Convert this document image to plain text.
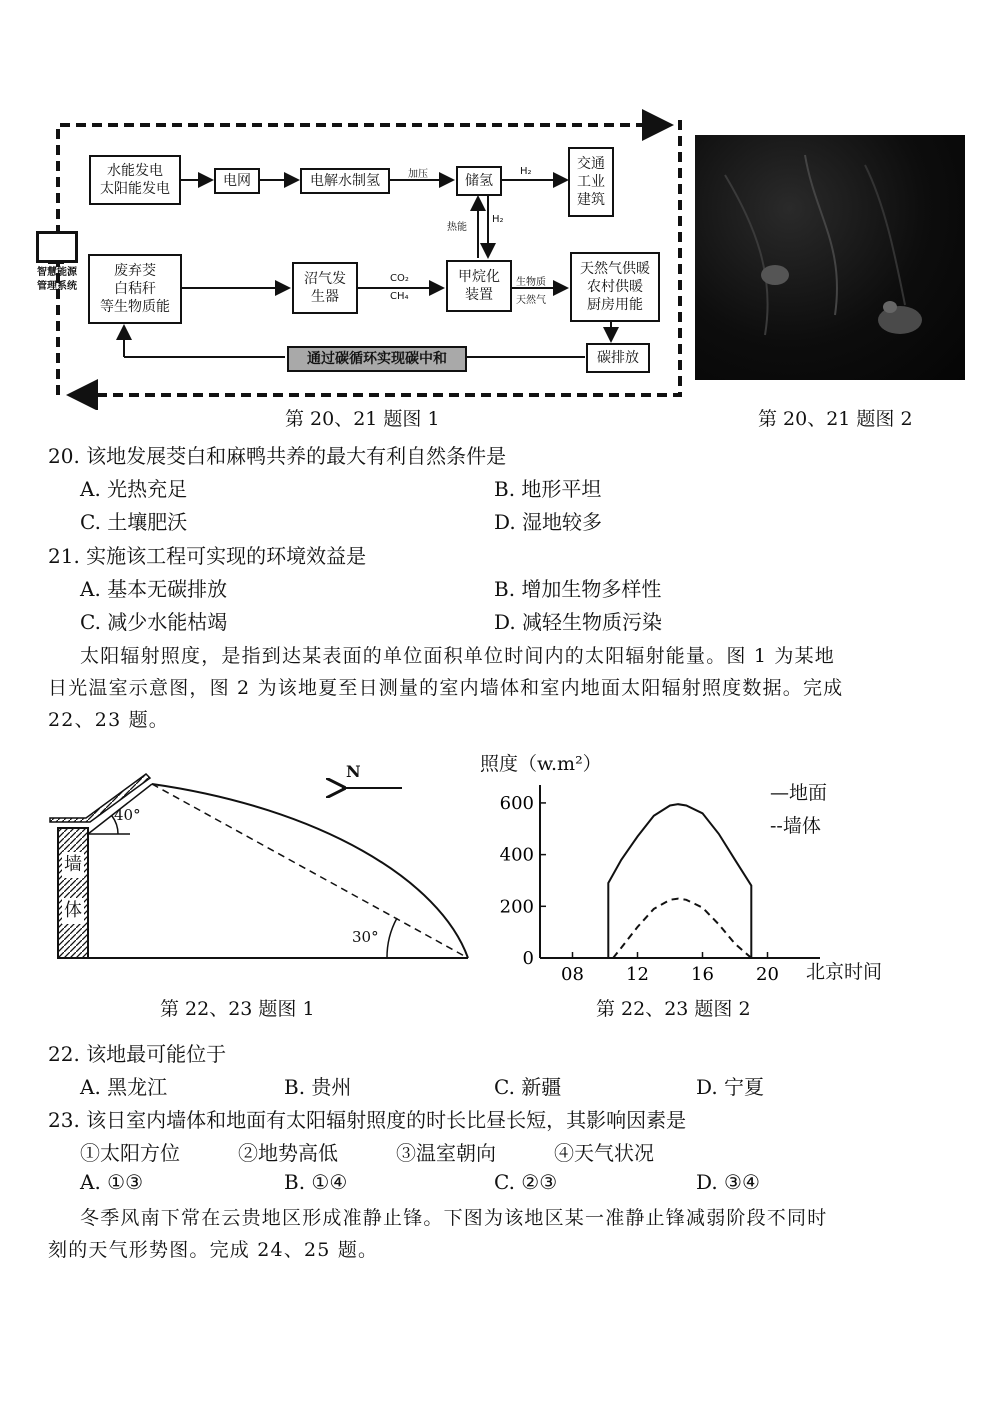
智慧能源
管理系统
水能发电
太阳能发电	电网	电解水制氢	储氢
交通
工业
建筑
废弃茭
白秸秆
等生物质能
沼气发
生器
甲烷化
装置
天然气供暖
农村供暖
厨房用能
通过碳循环实现碳中和	碳排放
加压	H₂
热能
H₂
CO₂
CH₄
生物质
天然气
第 20、21 题图 1	第 20、21 题图 2
20. 该地发展茭白和麻鸭共养的最大有利自然条件是
A. 光热充足	B. 地形平坦
C. 土壤肥沃	D. 湿地较多
21. 实施该工程可实现的环境效益是
A. 基本无碳排放	B. 增加生物多样性
C. 减少水能枯竭	D. 减轻生物质污染
太阳辐射照度，是指到达某表面的单位面积单位时间内的太阳辐射能量。图 1 为某地
日光温室示意图，图 2 为该地夏至日测量的室内墙体和室内地面太阳辐射照度数据。完成
22、23 题。
N
墙
体
40°
30°
第 22、23 题图 1
照度（w.m²）
0
200
400
600
08 12 16 20 北京时间
—地面
--墙体
第 22、23 题图 2
22. 该地最可能位于
A. 黑龙江	B. 贵州	C. 新疆	D. 宁夏
23. 该日室内墙体和地面有太阳辐射照度的时长比昼长短，其影响因素是
①太阳方位	②地势高低	③温室朝向	④天气状况
A. ①③	B. ①④	C. ②③	D. ③④
冬季风南下常在云贵地区形成准静止锋。下图为该地区某一准静止锋减弱阶段不同时
刻的天气形势图。完成 24、25 题。
